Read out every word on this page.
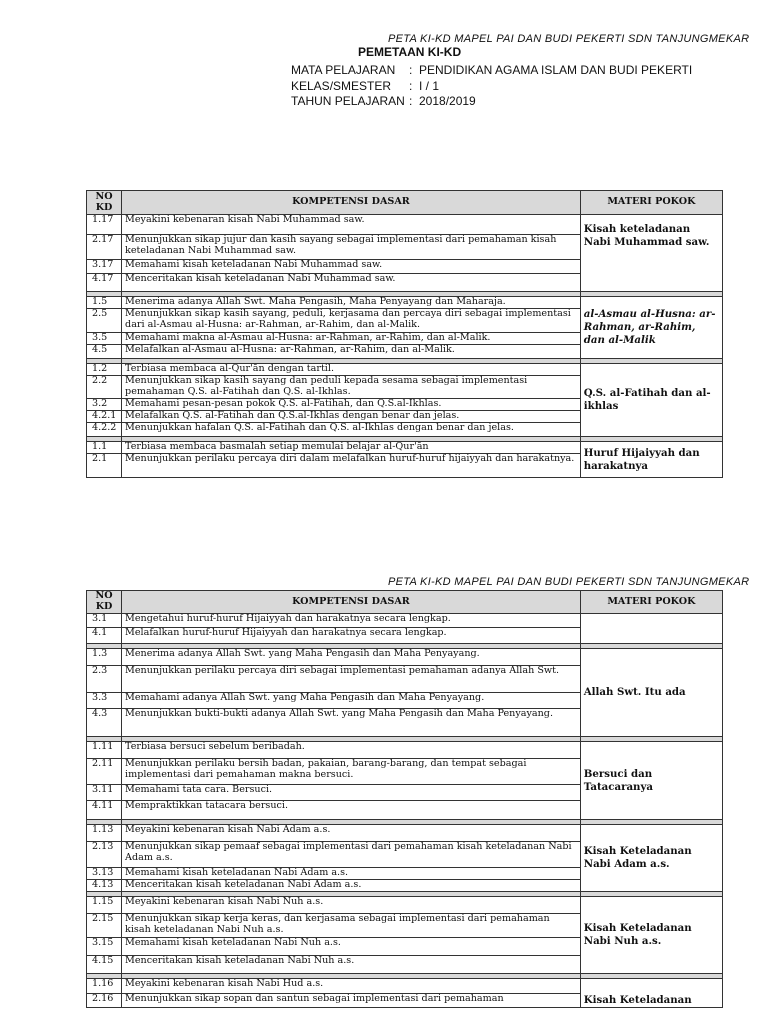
PETA KI-KD MAPEL PAI DAN BUDI PEKERTI SDN TANJUNGMEKAR
PEMETAAN KI-KD
MATA PELAJARAN	: PENDIDIKAN AGAMA ISLAM DAN BUDI PEKERTI
KELAS/SMESTER	: I / 1
TAHUN PELAJARAN : 2018/2019
NO KD	KOMPETENSI DASAR	MATERI POKOK
1.17	Meyakini kebenaran kisah Nabi Muhammad saw.	Kisah keteladanan Nabi Muhammad saw.
2.17	Menunjukkan sikap jujur dan kasih sayang sebagai implementasi dari pemahaman kisah keteladanan Nabi Muhammad saw.	
3.17	Memahami kisah keteladanan Nabi Muhammad saw.	
4.17	Menceritakan kisah keteladanan Nabi Muhammad saw.	

1.5	Menerima adanya Allah Swt. Maha Pengasih, Maha Penyayang dan Maharaja.	al-Asmau al-Husna: ar-Rahman, ar-Rahim, dan al-Malik
2.5	Menunjukkan sikap kasih sayang, peduli, kerjasama dan percaya diri sebagai implementasi dari al-Asmau al-Husna: ar-Rahman, ar-Rahim, dan al-Malik.	
3.5	Memahami makna al-Asmau al-Husna: ar-Rahman, ar-Rahim, dan al-Malik.	
4.5	Melafalkan al-Asmau al-Husna: ar-Rahman, ar-Rahim, dan al-Malik.	

1.2	Terbiasa membaca al-Qur'ān dengan tartil.	Q.S. al-Fatihah dan al-ikhlas
2.2	Menunjukkan sikap kasih sayang dan peduli kepada sesama sebagai implementasi pemahaman Q.S. al-Fatihah dan Q.S. al-Ikhlas.	
3.2	Memahami pesan-pesan pokok Q.S. al-Fatihah, dan Q.S.al-Ikhlas.	
4.2.1	Melafalkan Q.S. al-Fatihah dan Q.S.al-Ikhlas dengan benar dan jelas.	
4.2.2	Menunjukkan hafalan Q.S. al-Fatihah dan Q.S. al-Ikhlas dengan benar dan jelas.	

1.1	Terbiasa membaca basmalah setiap memulai belajar al-Qur'ān	Huruf Hijaiyyah dan harakatnya
2.1	Menunjukkan perilaku percaya diri dalam melafalkan huruf-huruf hijaiyyah dan harakatnya.	
PETA KI-KD MAPEL PAI DAN BUDI PEKERTI SDN TANJUNGMEKAR
NO KD	KOMPETENSI DASAR	MATERI POKOK
3.1	Mengetahui huruf-huruf Hijaiyyah dan harakatnya secara lengkap.	
4.1	Melafalkan huruf-huruf Hijaiyyah dan harakatnya secara lengkap.	

1.3	Menerima adanya Allah Swt. yang Maha Pengasih dan Maha Penyayang.	Allah Swt. Itu ada
2.3	Menunjukkan perilaku percaya diri sebagai implementasi pemahaman adanya Allah Swt.	
3.3	Memahami adanya Allah Swt. yang Maha Pengasih dan Maha Penyayang.	
4.3	Menunjukkan bukti-bukti adanya Allah Swt. yang Maha Pengasih dan Maha Penyayang.	

1.11	Terbiasa bersuci sebelum beribadah.	Bersuci dan Tatacaranya
2.11	Menunjukkan perilaku bersih badan, pakaian, barang-barang, dan tempat sebagai implementasi dari pemahaman makna bersuci.	
3.11	Memahami tata cara. Bersuci.	
4.11	Mempraktikkan tatacara bersuci.	

1.13	Meyakini kebenaran kisah Nabi Adam a.s.	Kisah Keteladanan Nabi Adam a.s.
2.13	Menunjukkan sikap pemaaf sebagai implementasi dari pemahaman kisah keteladanan Nabi Adam a.s.	
3.13	Memahami kisah keteladanan Nabi Adam a.s.	
4.13	Menceritakan kisah keteladanan Nabi Adam a.s.	

1.15	Meyakini kebenaran kisah Nabi Nuh a.s.	Kisah Keteladanan Nabi Nuh a.s.
2.15	Menunjukkan sikap kerja keras, dan kerjasama sebagai implementasi dari pemahaman kisah keteladanan Nabi Nuh a.s.	
3.15	Memahami kisah keteladanan Nabi Nuh a.s.	
4.15	Menceritakan kisah keteladanan Nabi Nuh a.s.	

1.16	Meyakini kebenaran kisah Nabi Hud a.s.	Kisah Keteladanan
2.16	Menunjukkan sikap sopan dan santun sebagai implementasi dari pemahaman	
